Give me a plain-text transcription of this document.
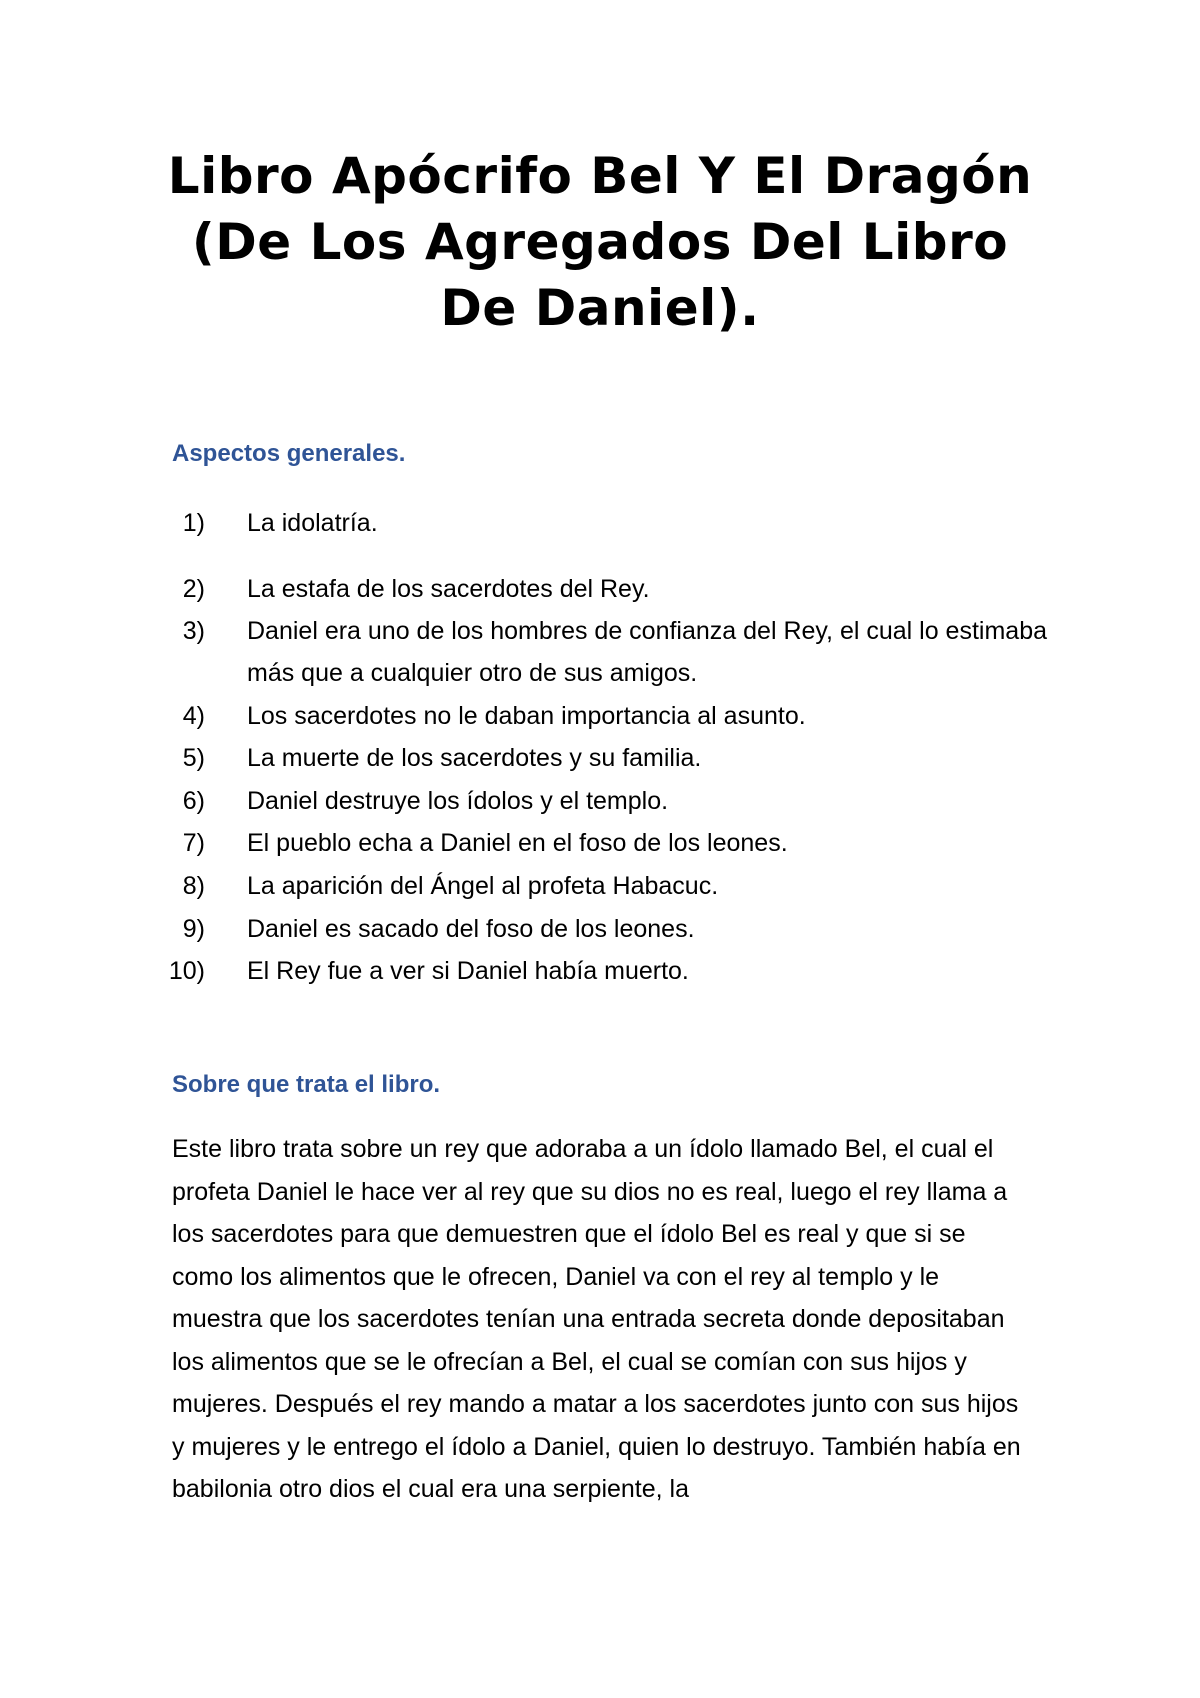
Libro Apócrifo Bel Y El Dragón (De Los Agregados Del Libro De Daniel).
Aspectos generales.
1) La idolatría.
2) La estafa de los sacerdotes del Rey.
3) Daniel era uno de los hombres de confianza del Rey, el cual lo estimaba más que a cualquier otro de sus amigos.
4) Los sacerdotes no le daban importancia al asunto.
5) La muerte de los sacerdotes y su familia.
6) Daniel destruye los ídolos y el templo.
7) El pueblo echa a Daniel en el foso de los leones.
8) La aparición del Ángel al profeta Habacuc.
9) Daniel es sacado del foso de los leones.
10) El Rey fue a ver si Daniel había muerto.
Sobre que trata el libro.

Este libro trata sobre un rey que adoraba a un ídolo llamado Bel, el cual el profeta Daniel le hace ver al rey que su dios no es real, luego el rey llama a los sacerdotes para que demuestren que el ídolo Bel es real y que si se como los alimentos que le ofrecen, Daniel va con el rey al templo y le muestra que los sacerdotes tenían una entrada secreta donde depositaban los alimentos que se le ofrecían a Bel, el cual se comían con sus hijos y mujeres. Después el rey mando a matar a los sacerdotes junto con sus hijos y mujeres y le entrego el ídolo a Daniel, quien lo destruyo. También había en babilonia otro dios el cual era una serpiente, la
